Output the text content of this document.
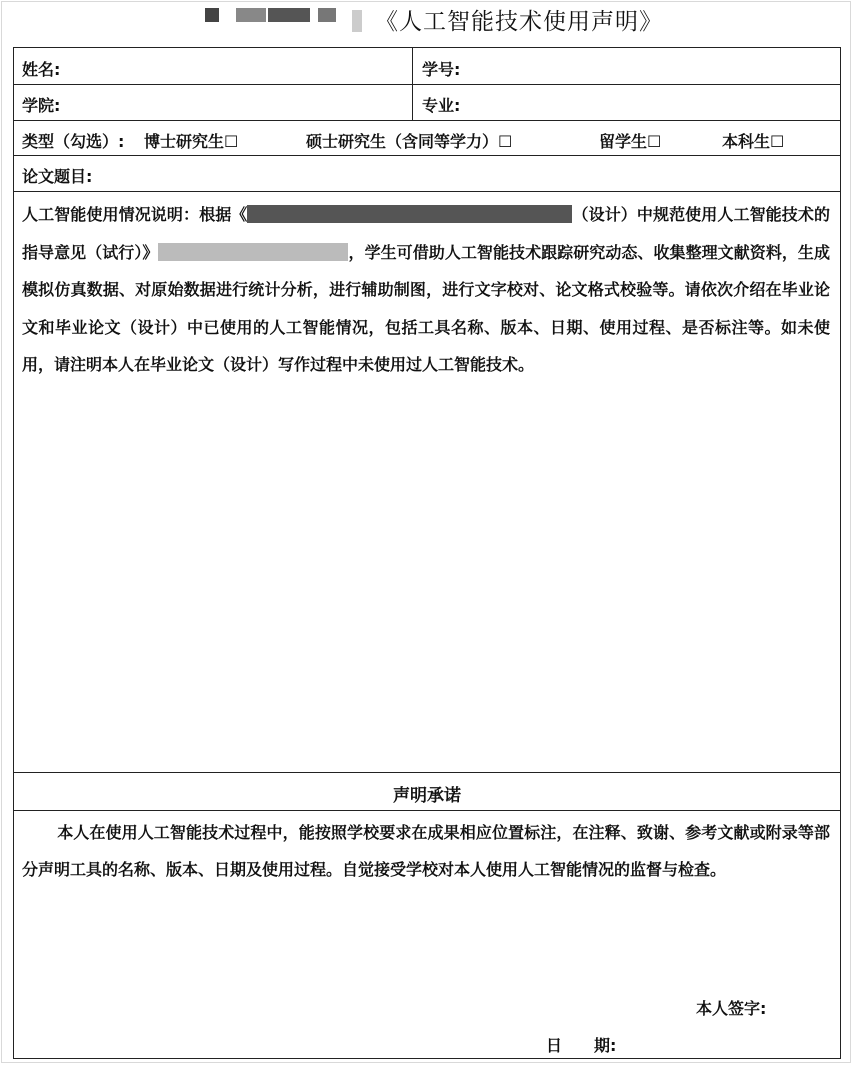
《人工智能技术使用声明》
姓名:	学号:
学院:	专业:
类型（勾选）: 博士研究生☐	硕士研究生（含同等学力）☐	留学生☐	本科生☐
论文题目:
人工智能使用情况说明：根据《	（设计）中规范使用人工智能技术的指导意见（试行）》	，学生可借助人工智能技术跟踪研究动态、收集整理文献资料，生成模拟仿真数据、对原始数据进行统计分析，进行辅助制图，进行文字校对、论文格式校验等。请依次介绍在毕业论文和毕业论文（设计）中已使用的人工智能情况，包括工具名称、版本、日期、使用过程、是否标注等。如未使用，请注明本人在毕业论文（设计）写作过程中未使用过人工智能技术。
声明承诺
本人在使用人工智能技术过程中，能按照学校要求在成果相应位置标注，在注释、致谢、参考文献或附录等部分声明工具的名称、版本、日期及使用过程。自觉接受学校对本人使用人工智能情况的监督与检查。
本人签字:
日　　期:
